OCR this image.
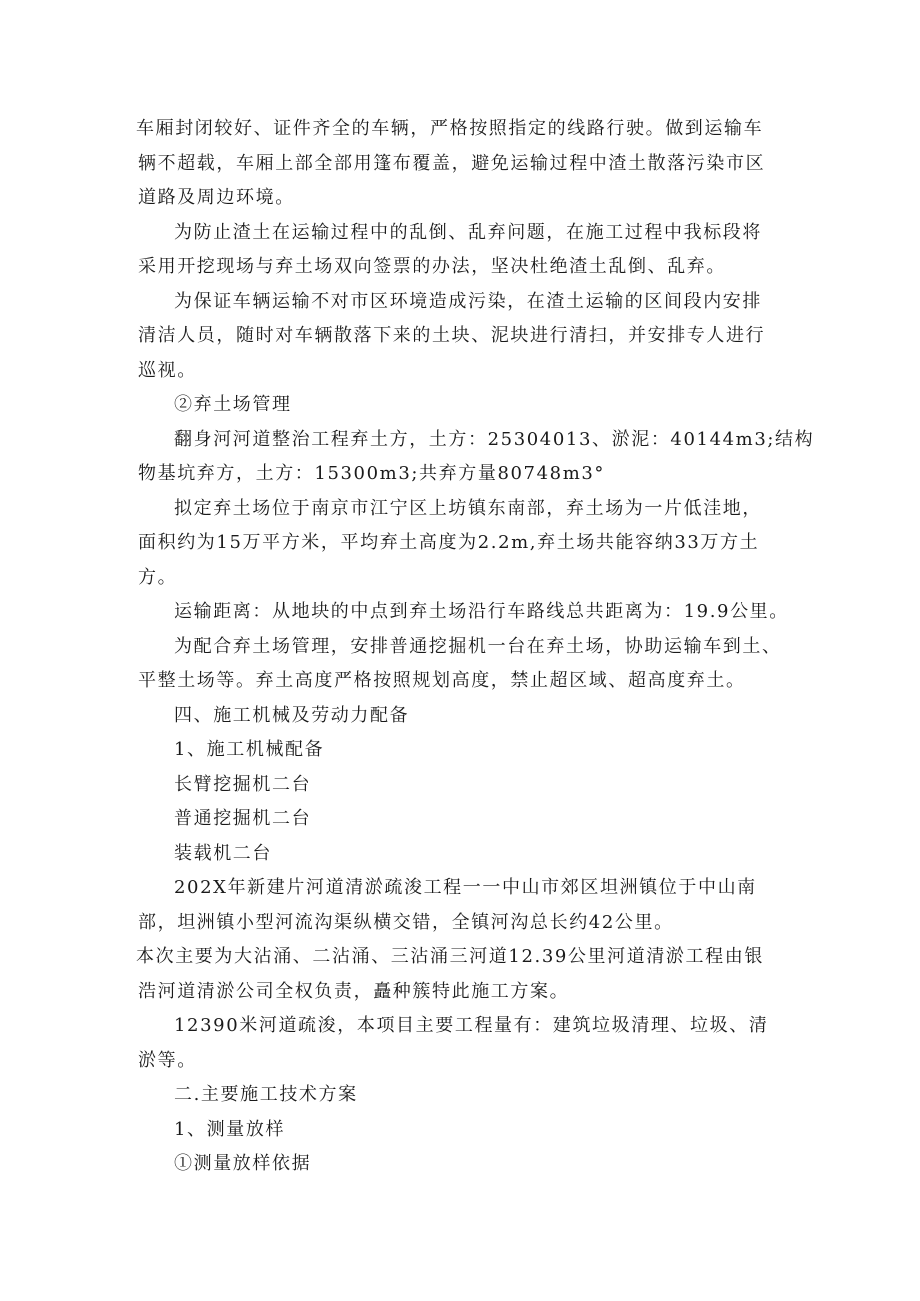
车厢封闭较好、证件齐全的车辆，严格按照指定的线路行驶。做到运输车
辆不超载，车厢上部全部用篷布覆盖，避免运输过程中渣土散落污染市区
道路及周边环境。
为防止渣土在运输过程中的乱倒、乱弃问题，在施工过程中我标段将
采用开挖现场与弃土场双向签票的办法，坚决杜绝渣土乱倒、乱弃。
为保证车辆运输不对市区环境造成污染，在渣土运输的区间段内安排
清洁人员，随时对车辆散落下来的土块、泥块进行清扫，并安排专人进行
巡视。
②弃土场管理
翻身河河道整治工程弃土方，土方：25304013、淤泥：40144m3;结构
物基坑弃方，土方：15300m3;共弃方量80748m3°
拟定弃土场位于南京市江宁区上坊镇东南部，弃土场为一片低洼地，
面积约为15万平方米，平均弃土高度为2.2m,弃土场共能容纳33万方土
方。
运输距离：从地块的中点到弃土场沿行车路线总共距离为：19.9公里。
为配合弃土场管理，安排普通挖掘机一台在弃土场，协助运输车到土、
平整土场等。弃土高度严格按照规划高度，禁止超区域、超高度弃土。
四、施工机械及劳动力配备
1、施工机械配备
长臂挖掘机二台
普通挖掘机二台
装载机二台
202X年新建片河道清淤疏浚工程一一中山市郊区坦洲镇位于中山南
部，坦洲镇小型河流沟渠纵横交错，全镇河沟总长约42公里。
本次主要为大沾涌、二沾涌、三沾涌三河道12.39公里河道清淤工程由银
浩河道清淤公司全权负责，矗种簇特此施工方案。
12390米河道疏浚，本项目主要工程量有：建筑垃圾清理、垃圾、清
淤等。
二.主要施工技术方案
1、测量放样
①测量放样依据
